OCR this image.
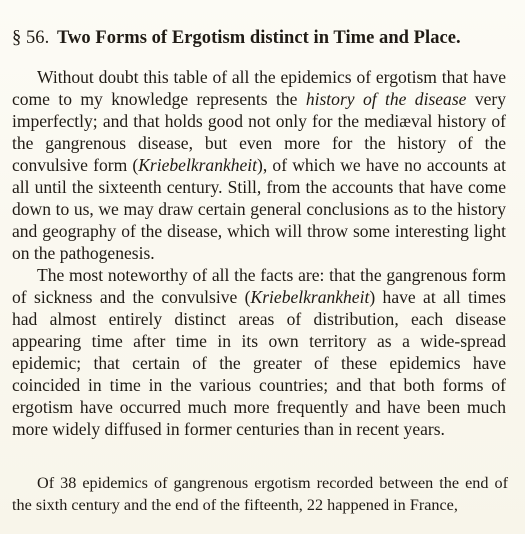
§ 56. Two Forms of Ergotism distinct in Time and Place.

Without doubt this table of all the epidemics of ergotism that have come to my knowledge represents the history of the disease very imperfectly; and that holds good not only for the mediæval history of the gangrenous disease, but even more for the history of the convulsive form (Kriebelkrankheit), of which we have no accounts at all until the sixteenth century. Still, from the accounts that have come down to us, we may draw certain general conclusions as to the history and geography of the disease, which will throw some interesting light on the pathogenesis.

The most noteworthy of all the facts are: that the gangrenous form of sickness and the convulsive (Kriebelkrankheit) have at all times had almost entirely distinct areas of distribution, each disease appearing time after time in its own territory as a wide-spread epidemic; that certain of the greater of these epidemics have coincided in time in the various countries; and that both forms of ergotism have occurred much more frequently and have been much more widely diffused in former centuries than in recent years.

Of 38 epidemics of gangrenous ergotism recorded between the end of the sixth century and the end of the fifteenth, 22 happened in France,
